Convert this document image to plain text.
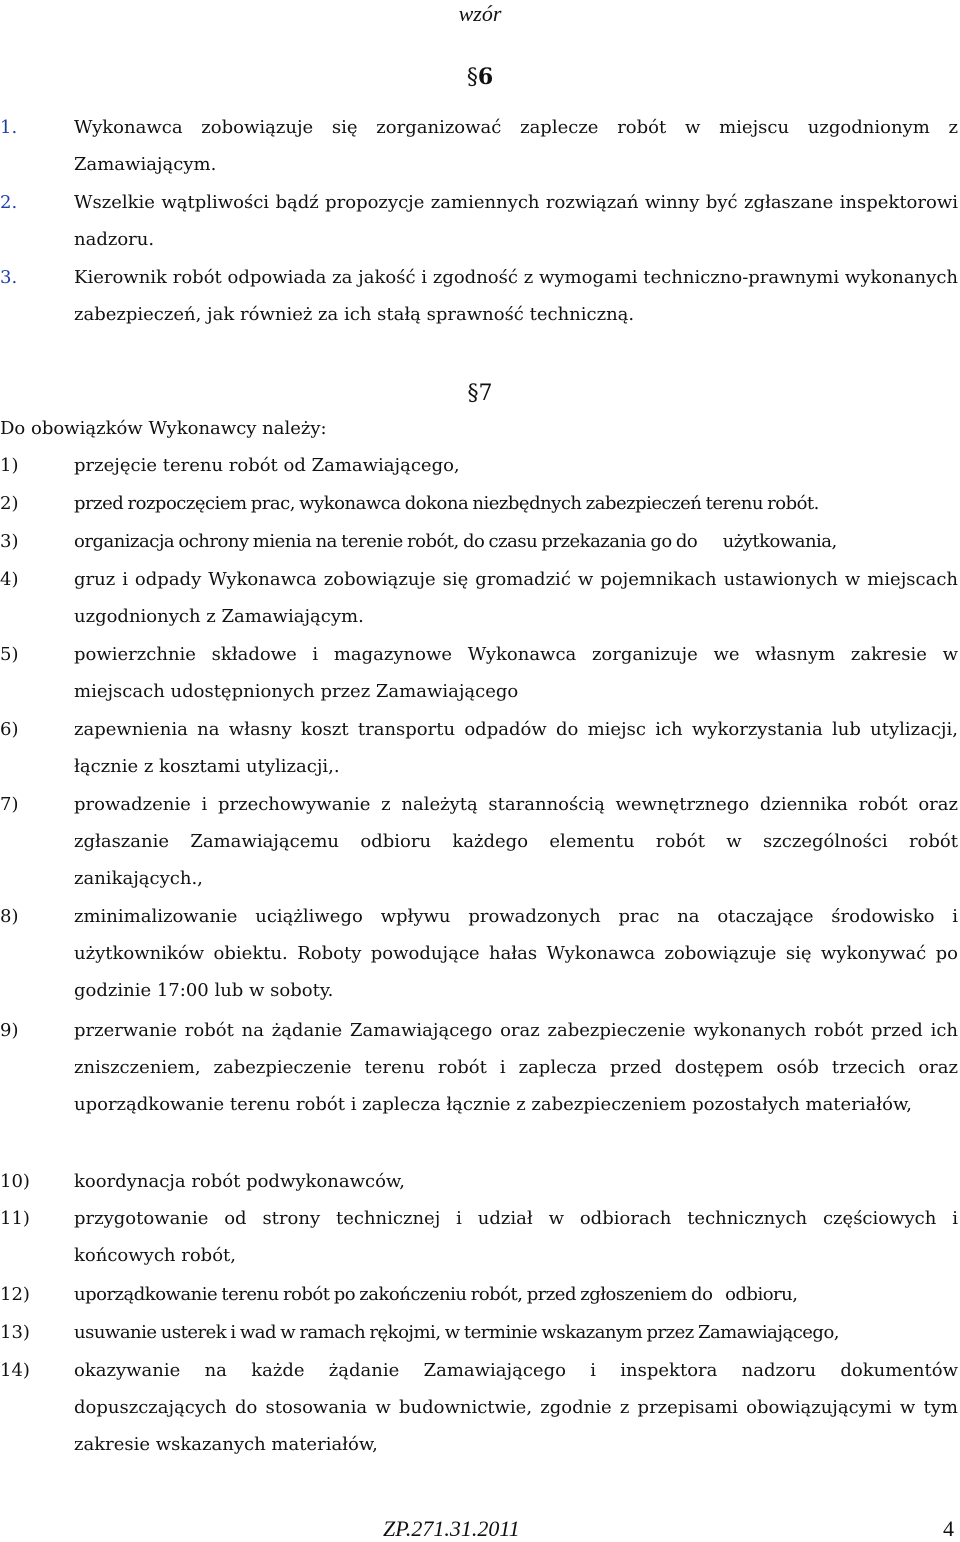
wzór
§6
1.	Wykonawca zobowiązuje się zorganizować zaplecze robót w miejscu uzgodnionym z Zamawiającym.
2.	Wszelkie wątpliwości bądź propozycje zamiennych rozwiązań winny być zgłaszane inspektorowi nadzoru.
3.	Kierownik robót odpowiada za jakość i zgodność z wymogami techniczno-prawnymi wykonanych zabezpieczeń, jak również za ich stałą sprawność techniczną.
§7
Do obowiązków Wykonawcy należy:
1)	przejęcie terenu robót od Zamawiającego,
2)	przed rozpoczęciem prac, wykonawca dokona niezbędnych zabezpieczeń terenu robót.
3)	organizacja ochrony mienia na terenie robót, do czasu przekazania go do      użytkowania,
4)	gruz i odpady Wykonawca zobowiązuje się gromadzić w pojemnikach ustawionych w miejscach uzgodnionych z Zamawiającym.
5)	powierzchnie składowe i magazynowe Wykonawca zorganizuje we własnym zakresie w miejscach udostępnionych przez Zamawiającego
6)	zapewnienia na własny koszt transportu odpadów do miejsc ich wykorzystania lub utylizacji, łącznie z kosztami utylizacji,.
7)	prowadzenie i przechowywanie z należytą starannością wewnętrznego dziennika robót oraz zgłaszanie Zamawiającemu odbioru każdego elementu robót w szczególności robót zanikających.,
8)	zminimalizowanie uciążliwego wpływu prowadzonych prac na otaczające środowisko i użytkowników obiektu. Roboty powodujące hałas Wykonawca zobowiązuje się wykonywać po godzinie 17:00 lub w soboty.
9)	przerwanie robót na żądanie Zamawiającego oraz zabezpieczenie wykonanych robót przed ich zniszczeniem, zabezpieczenie terenu robót i zaplecza przed dostępem osób trzecich oraz uporządkowanie terenu robót i zaplecza łącznie z zabezpieczeniem pozostałych materiałów,
10) koordynacja robót podwykonawców,
11) przygotowanie od strony technicznej i udział w odbiorach technicznych częściowych i końcowych robót,
12) uporządkowanie terenu robót po zakończeniu robót, przed zgłoszeniem do   odbioru,
13) usuwanie usterek i wad w ramach rękojmi, w terminie wskazanym przez Zamawiającego,
14) okazywanie na każde żądanie Zamawiającego i inspektora nadzoru dokumentów dopuszczających do stosowania w budownictwie, zgodnie z przepisami obowiązującymi w tym zakresie wskazanych materiałów,
ZP.271.31.2011	4
